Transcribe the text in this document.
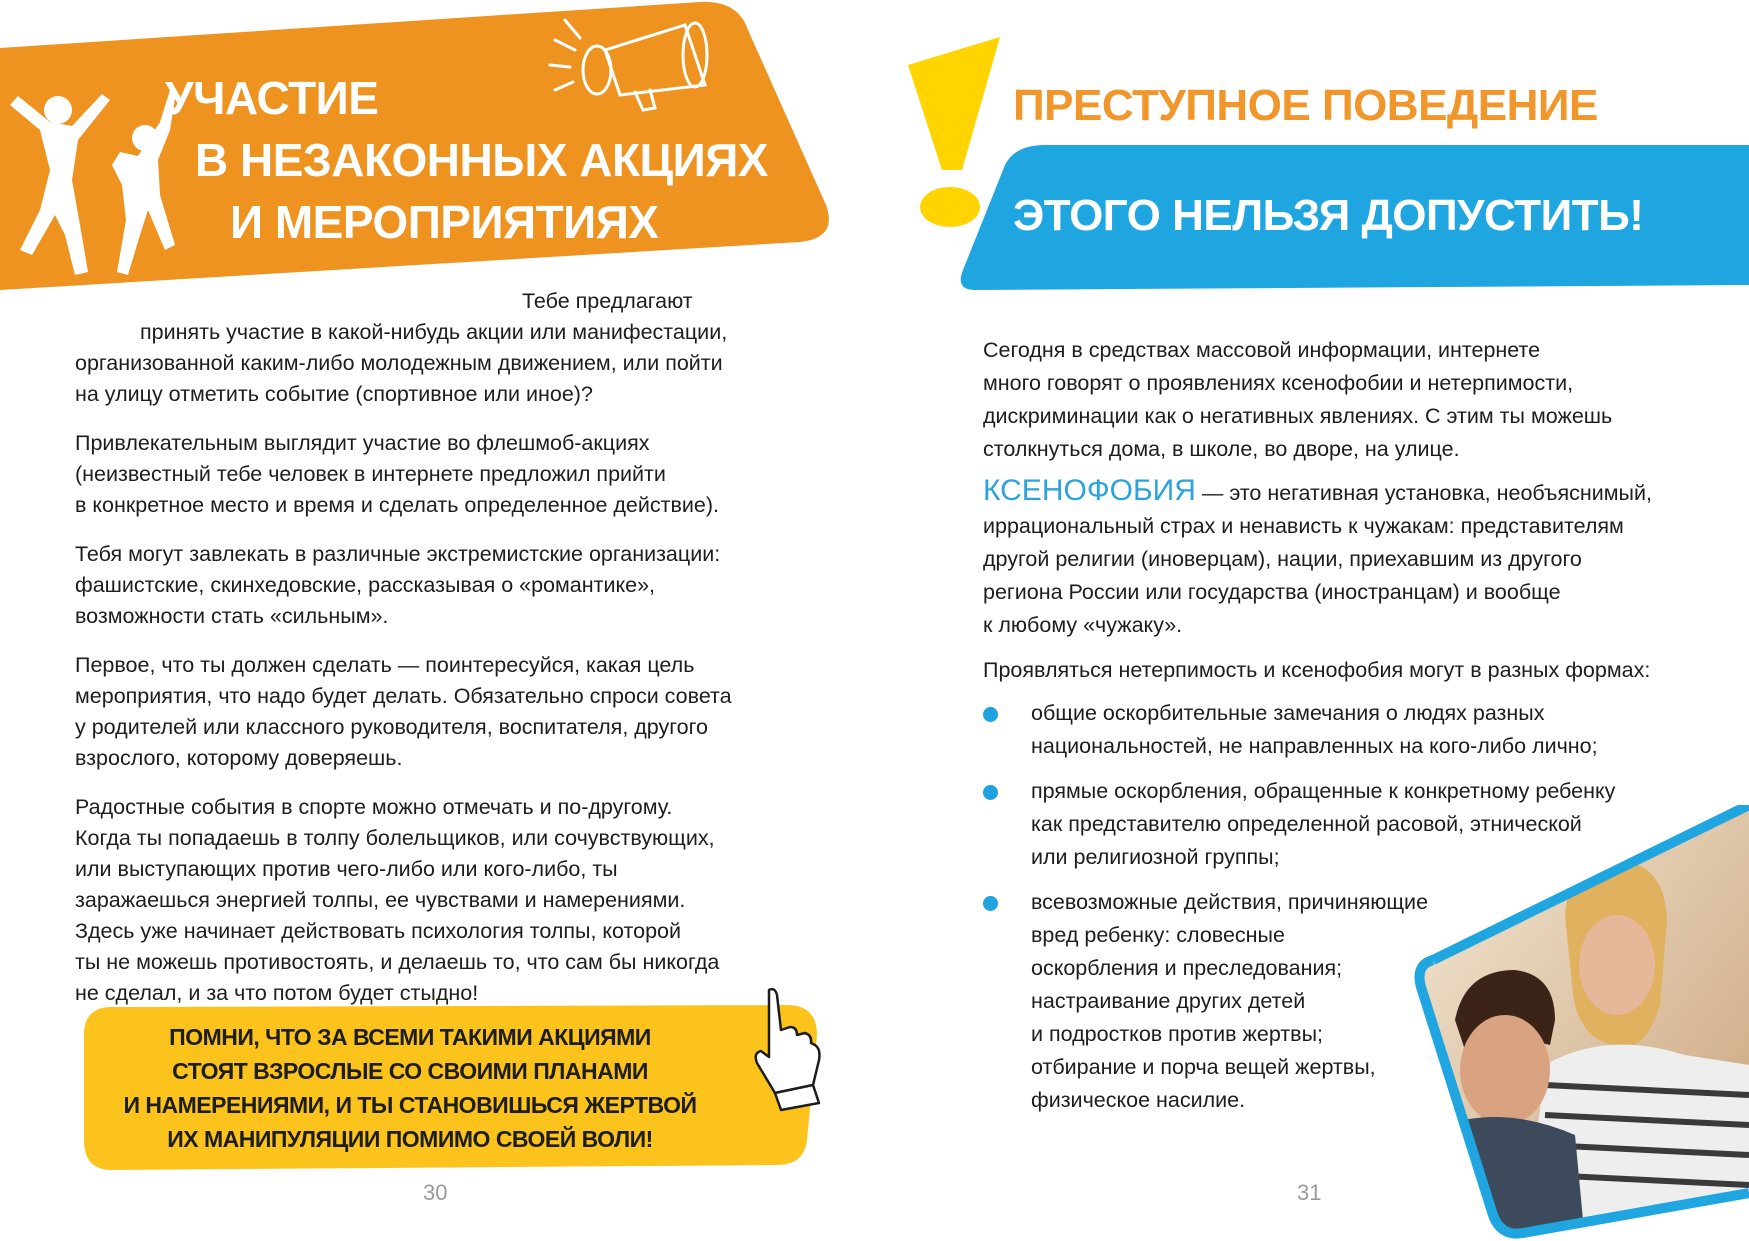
УЧАСТИЕ
В НЕЗАКОННЫХ АКЦИЯХ
И МЕРОПРИЯТИЯХ
Тебе предлагают
принять участие в какой-нибудь акции или манифестации,
организованной каким-либо молодежным движением, или пойти
на улицу отметить событие (спортивное или иное)?
Привлекательным выглядит участие во флешмоб-акциях
(неизвестный тебе человек в интернете предложил прийти
в конкретное место и время и сделать определенное действие).
Тебя могут завлекать в различные экстремистские организации:
фашистские, скинхедовские, рассказывая о «романтике»,
возможности стать «сильным».
Первое, что ты должен сделать — поинтересуйся, какая цель
мероприятия, что надо будет делать. Обязательно спроси совета
у родителей или классного руководителя, воспитателя, другого
взрослого, которому доверяешь.
Радостные события в спорте можно отмечать и по-другому.
Когда ты попадаешь в толпу болельщиков, или сочувствующих,
или выступающих против чего-либо или кого-либо, ты
заражаешься энергией толпы, ее чувствами и намерениями.
Здесь уже начинает действовать психология толпы, которой
ты не можешь противостоять, и делаешь то, что сам бы никогда
не сделал, и за что потом будет стыдно!
ПОМНИ, ЧТО ЗА ВСЕМИ ТАКИМИ АКЦИЯМИ
СТОЯТ ВЗРОСЛЫЕ СО СВОИМИ ПЛАНАМИ
И НАМЕРЕНИЯМИ, И ТЫ СТАНОВИШЬСЯ ЖЕРТВОЙ
ИХ МАНИПУЛЯЦИИ ПОМИМО СВОЕЙ ВОЛИ!
30
ПРЕСТУПНОЕ ПОВЕДЕНИЕ
ЭТОГО НЕЛЬЗЯ ДОПУСТИТЬ!
Сегодня в средствах массовой информации, интернете
много говорят о проявлениях ксенофобии и нетерпимости,
дискриминации как о негативных явлениях. С этим ты можешь
столкнуться дома, в школе, во дворе, на улице.
КСЕНОФОБИЯ — это негативная установка, необъяснимый,
иррациональный страх и ненависть к чужакам: представителям
другой религии (иноверцам), нации, приехавшим из другого
региона России или государства (иностранцам) и вообще
к любому «чужаку».
Проявляться нетерпимость и ксенофобия могут в разных формах:
общие оскорбительные замечания о людях разных
национальностей, не направленных на кого-либо лично;
прямые оскорбления, обращенные к конкретному ребенку
как представителю определенной расовой, этнической
или религиозной группы;
всевозможные действия, причиняющие
вред ребенку: словесные
оскорбления и преследования;
настраивание других детей
и подростков против жертвы;
отбирание и порча вещей жертвы,
физическое насилие.
31
